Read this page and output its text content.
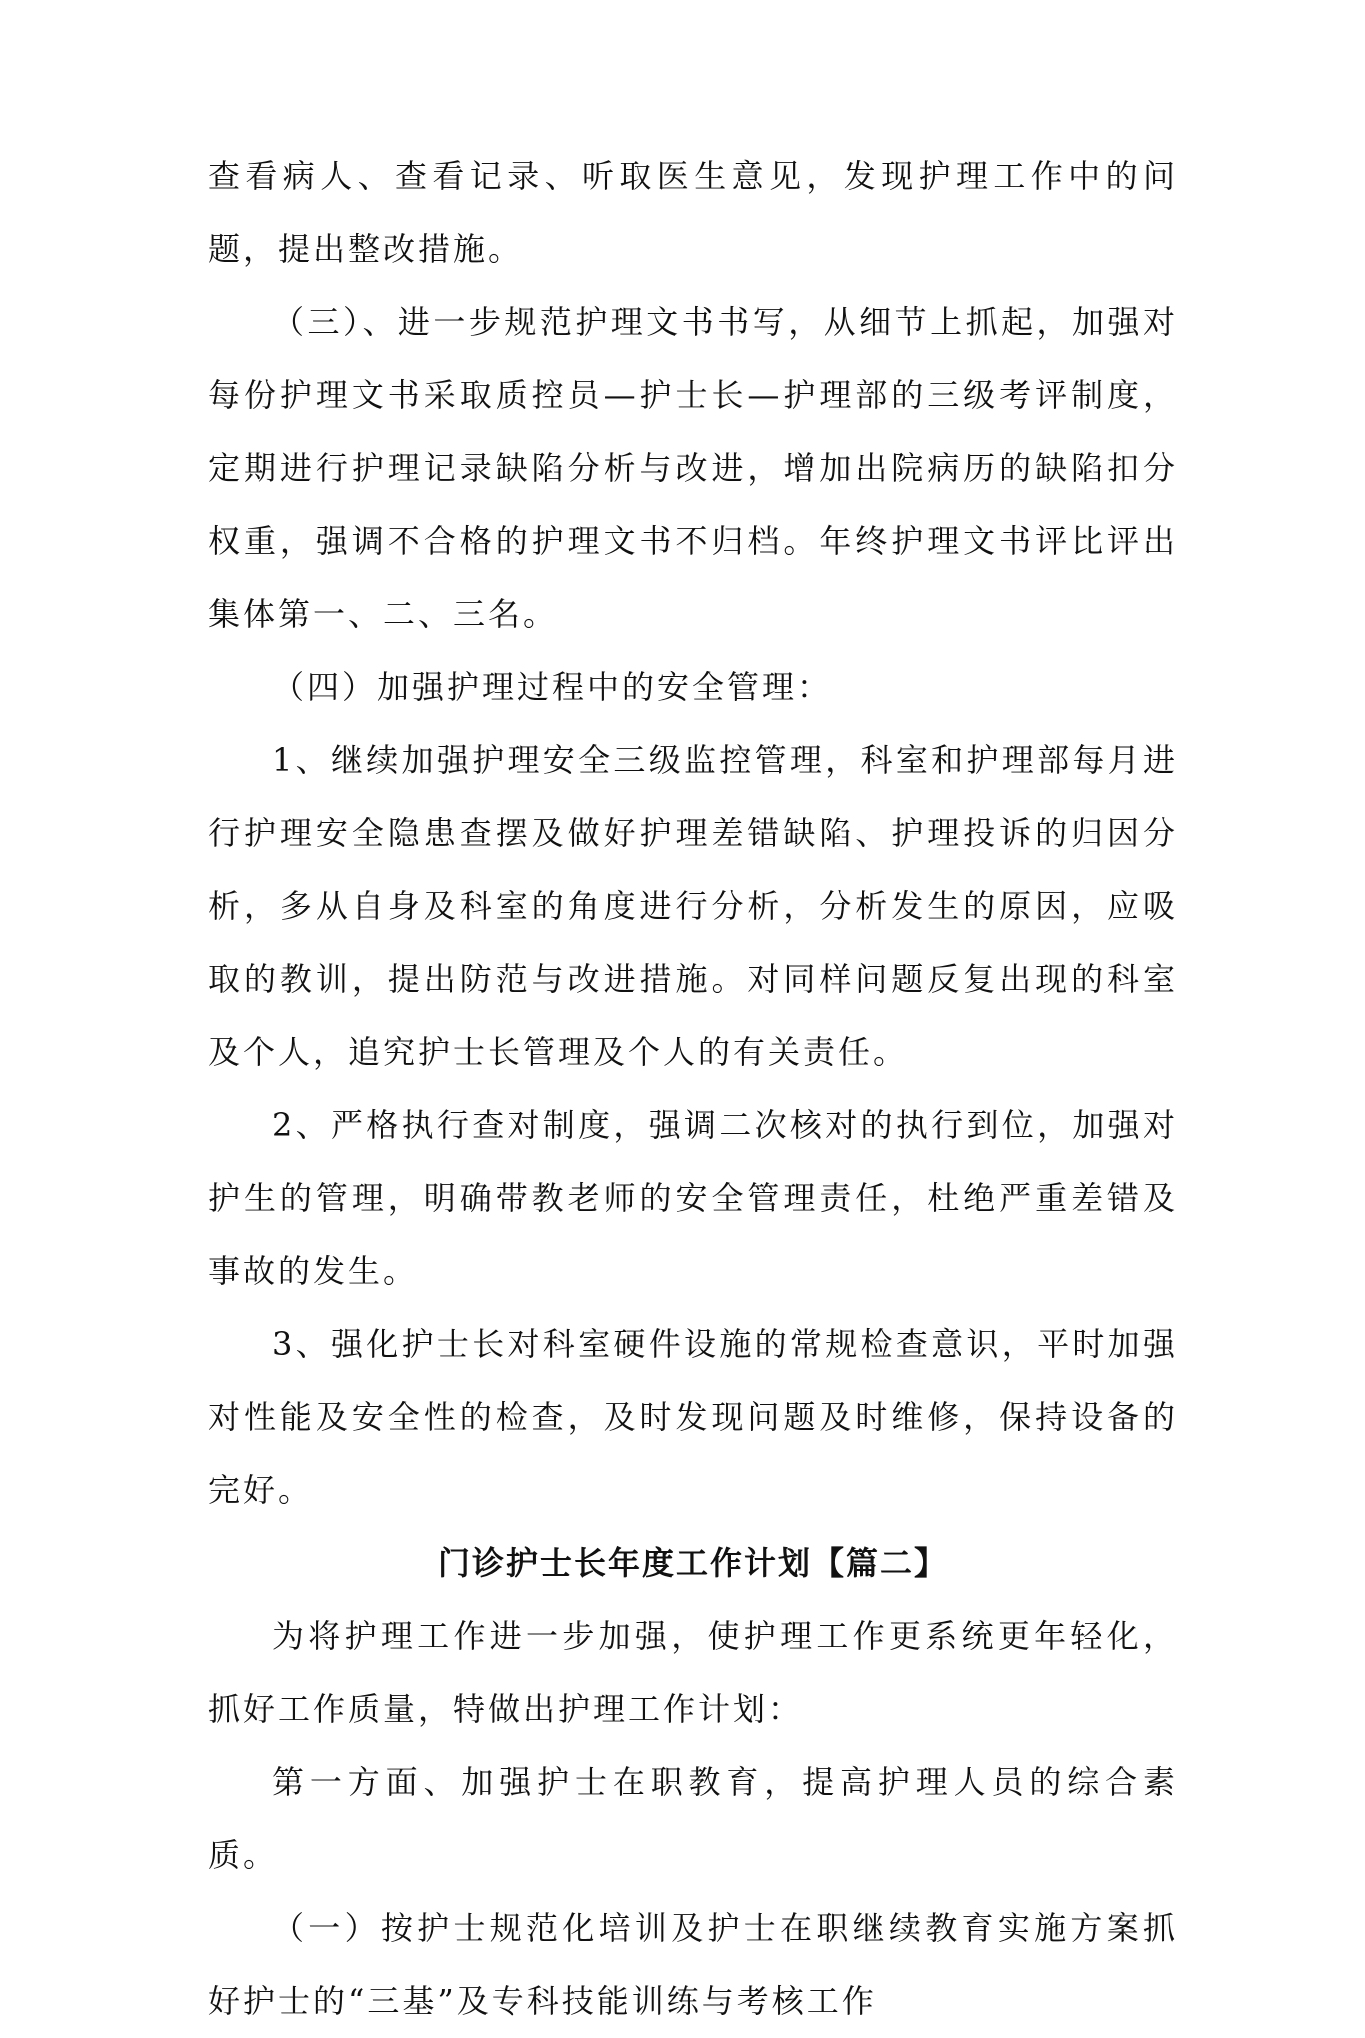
查看病人、查看记录、听取医生意见，发现护理工作中的问题，提出整改措施。

（三）、进一步规范护理文书书写，从细节上抓起，加强对每份护理文书采取质控员—护士长—护理部的三级考评制度，定期进行护理记录缺陷分析与改进，增加出院病历的缺陷扣分权重，强调不合格的护理文书不归档。年终护理文书评比评出集体第一、二、三名。

（四）加强护理过程中的安全管理：

1、继续加强护理安全三级监控管理，科室和护理部每月进行护理安全隐患查摆及做好护理差错缺陷、护理投诉的归因分析，多从自身及科室的角度进行分析，分析发生的原因，应吸取的教训，提出防范与改进措施。对同样问题反复出现的科室及个人，追究护士长管理及个人的有关责任。

2、严格执行查对制度，强调二次核对的执行到位，加强对护生的管理，明确带教老师的安全管理责任，杜绝严重差错及事故的发生。

3、强化护士长对科室硬件设施的常规检查意识，平时加强对性能及安全性的检查，及时发现问题及时维修，保持设备的完好。

门诊护士长年度工作计划【篇二】

为将护理工作进一步加强，使护理工作更系统更年轻化，抓好工作质量，特做出护理工作计划：

第一方面、加强护士在职教育，提高护理人员的综合素质。

（一）按护士规范化培训及护士在职继续教育实施方案抓好护士的“三基”及专科技能训练与考核工作
